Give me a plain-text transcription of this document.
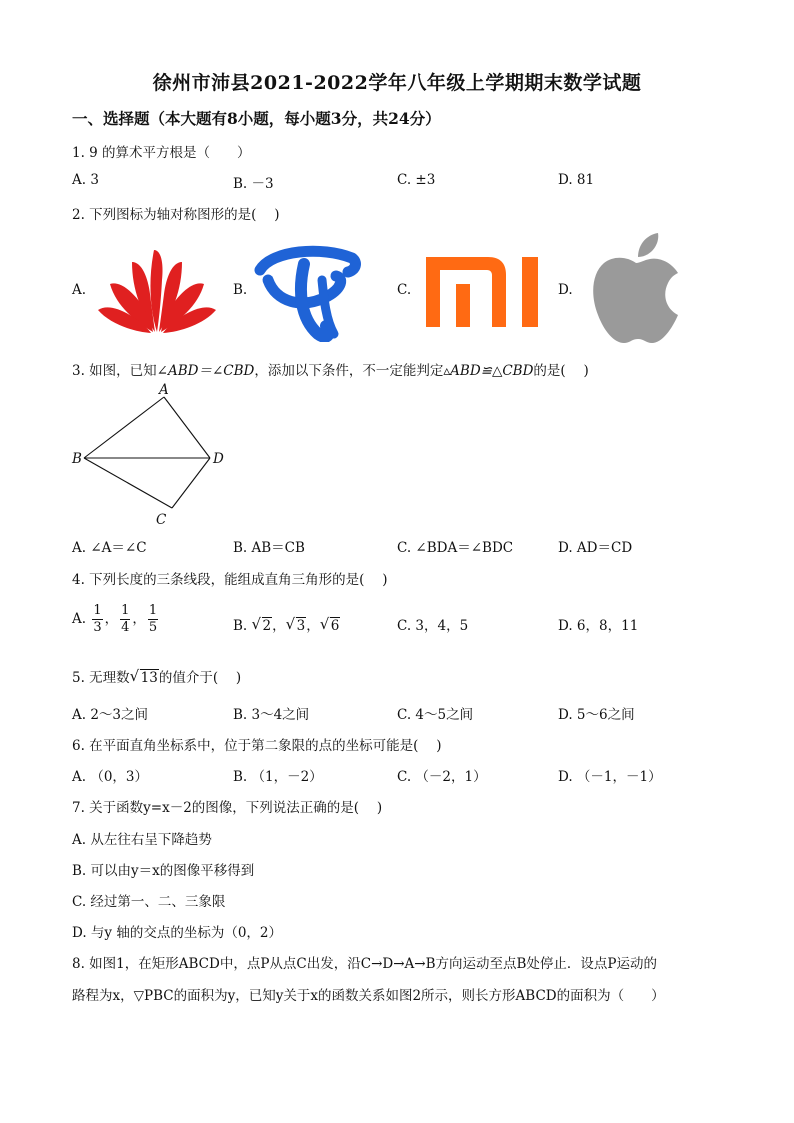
徐州市沛县2021-2022学年八年级上学期期末数学试题
一、选择题（本大题有8小题，每小题3分，共24分）
1. 9 的算术平方根是（　　）
A. 3	B. －3	C. ±3	D. 81
2. 下列图标为轴对称图形的是(　 )
A.	B.	C.	D.
3. 如图，已知∠ABD＝∠CBD，添加以下条件，不一定能判定▵ABD≌△CBD的是(　 )
A
B
C
D
A. ∠A＝∠C	B. AB＝CB	C. ∠BDA＝∠BDC	D. AD＝CD
4. 下列长度的三条线段，能组成直角三角形的是(　 )
A. $\frac{1}{3}$ ， $\frac{1}{4}$ ， $\frac{1}{5}$	B. √ 2， √ 3， √ 6	C. 3，4，5	D. 6，8，11
5. 无理数 √ 13的值介于(　 )
A. 2～3之间	B. 3～4之间	C. 4～5之间	D. 5～6之间
6. 在平面直角坐标系中，位于第二象限的点的坐标可能是(　 )
A. （0，3）	B. （1，－2）	C. （－2，1）	D. （－1，－1）
7. 关于函数y=x－2的图像，下列说法正确的是(　 )
A. 从左往右呈下降趋势
B. 可以由y＝x的图像平移得到
C. 经过第一、二、三象限
D. 与y 轴的交点的坐标为（0，2）
8. 如图1，在矩形ABCD中，点P从点C出发，沿C→D→A→B方向运动至点B处停止．设点P运动的
路程为x，▽PBC的面积为y，已知y关于x的函数关系如图2所示，则长方形ABCD的面积为（　　）
